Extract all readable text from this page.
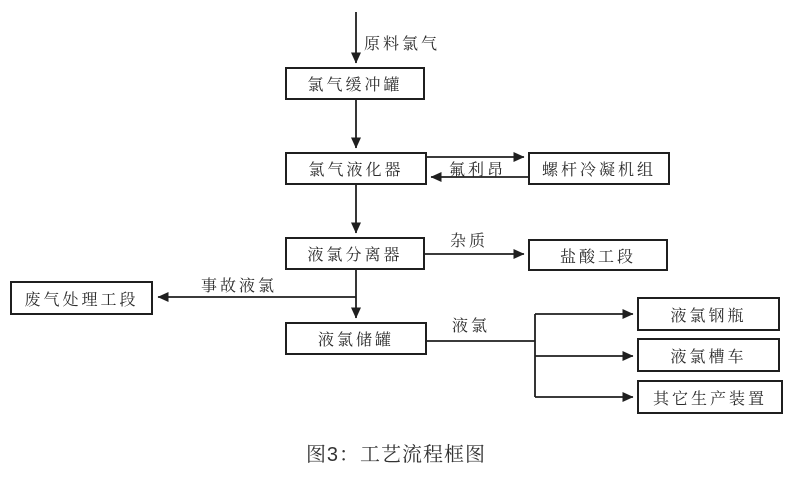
氯气缓冲罐
氯气液化器	螺杆冷凝机组
液氯分离器	盐酸工段
废气处理工段
液氯储罐
液氯钢瓶
液氯槽车
其它生产装置
原料氯气
氟利昂
杂质
事故液氯
液氯
图3：工艺流程框图
